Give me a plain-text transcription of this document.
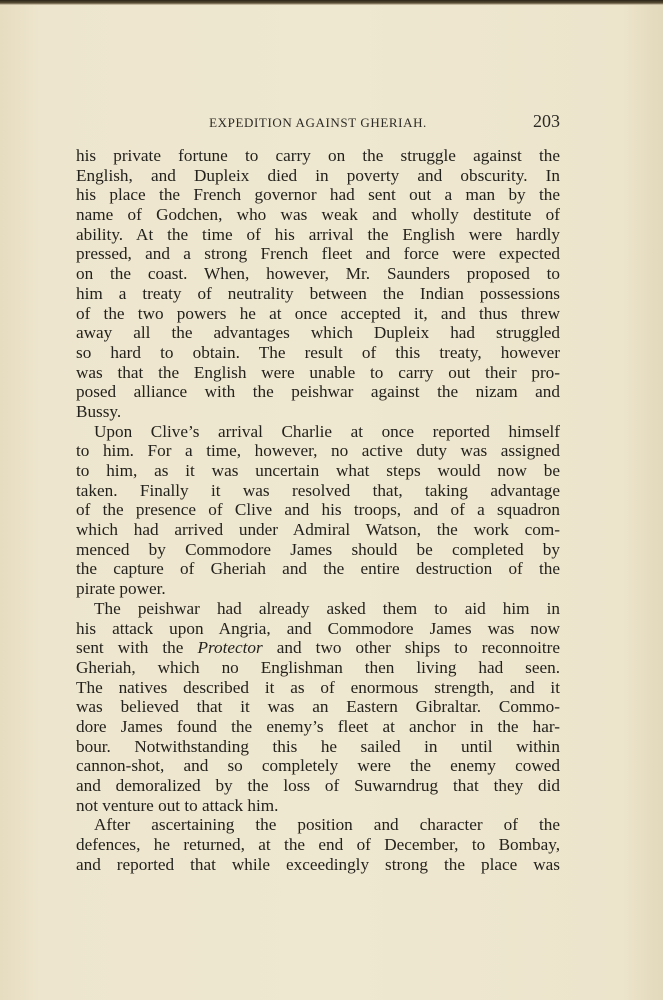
EXPEDITION AGAINST GHERIAH.	203
his private fortune to carry on the struggle against the
English, and Dupleix died in poverty and obscurity. In
his place the French governor had sent out a man by the
name of Godchen, who was weak and wholly destitute of
ability. At the time of his arrival the English were hardly
pressed, and a strong French fleet and force were expected
on the coast. When, however, Mr. Saunders proposed to
him a treaty of neutrality between the Indian possessions
of the two powers he at once accepted it, and thus threw
away all the advantages which Dupleix had struggled
so hard to obtain. The result of this treaty, however
was that the English were unable to carry out their pro-
posed alliance with the peishwar against the nizam and
Bussy.
Upon Clive’s arrival Charlie at once reported himself
to him. For a time, however, no active duty was assigned
to him, as it was uncertain what steps would now be
taken. Finally it was resolved that, taking advantage
of the presence of Clive and his troops, and of a squadron
which had arrived under Admiral Watson, the work com-
menced by Commodore James should be completed by
the capture of Gheriah and the entire destruction of the
pirate power.
The peishwar had already asked them to aid him in
his attack upon Angria, and Commodore James was now
sent with the Protector and two other ships to reconnoitre
Gheriah, which no Englishman then living had seen.
The natives described it as of enormous strength, and it
was believed that it was an Eastern Gibraltar. Commo-
dore James found the enemy’s fleet at anchor in the har-
bour. Notwithstanding this he sailed in until within
cannon-shot, and so completely were the enemy cowed
and demoralized by the loss of Suwarndrug that they did
not venture out to attack him.
After ascertaining the position and character of the
defences, he returned, at the end of December, to Bombay,
and reported that while exceedingly strong the place was
